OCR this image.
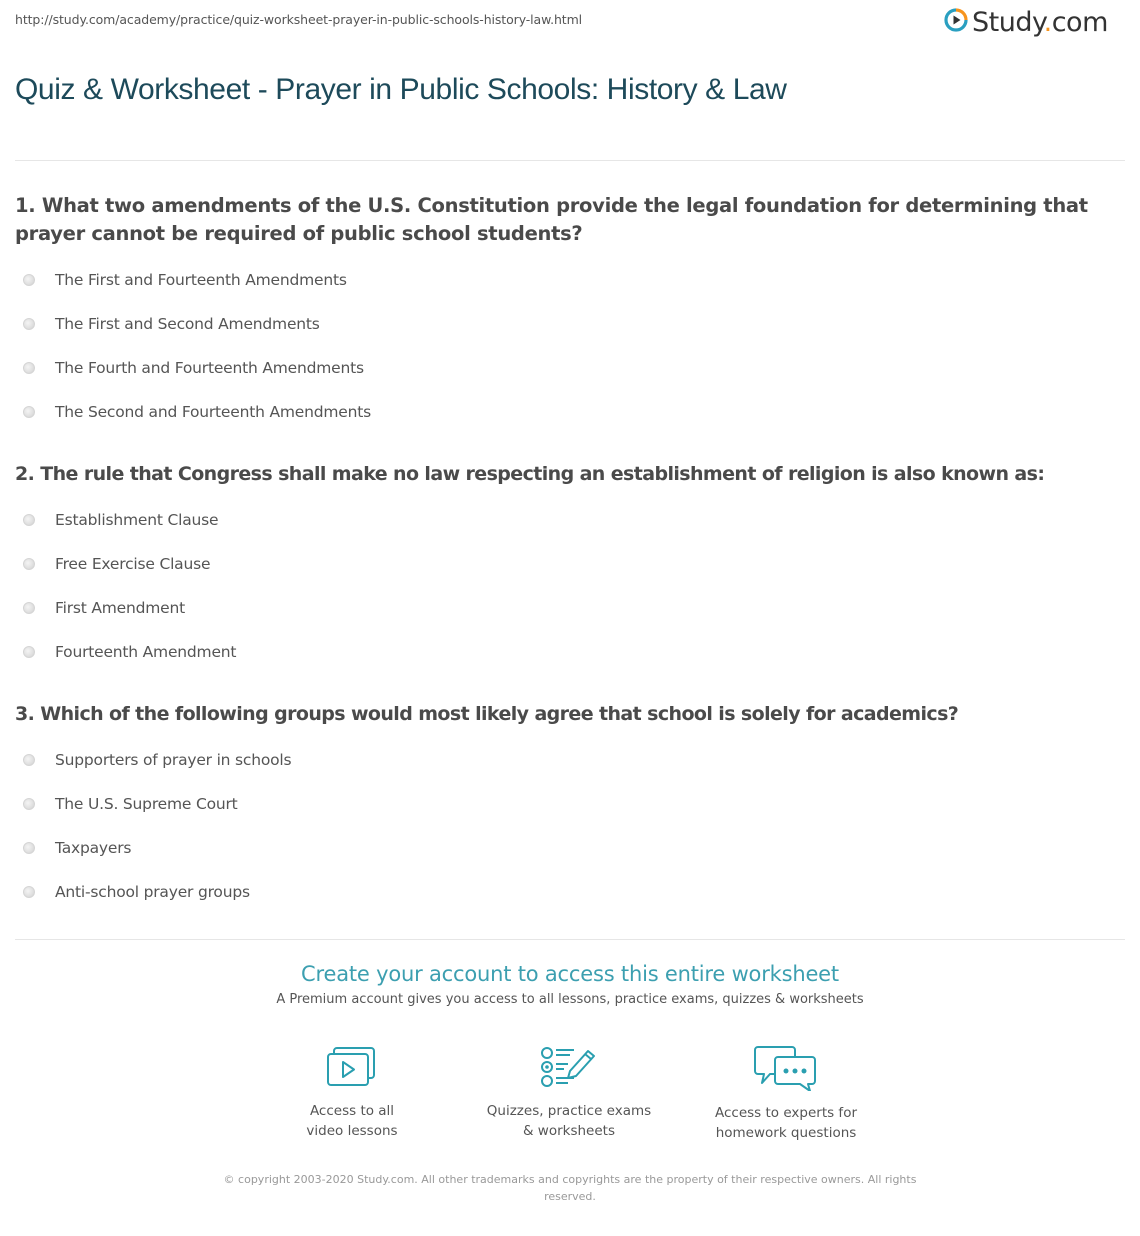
http://study.com/academy/practice/quiz-worksheet-prayer-in-public-schools-history-law.html	Study.com
Quiz & Worksheet - Prayer in Public Schools: History & Law

1. What two amendments of the U.S. Constitution provide the legal foundation for determining that prayer cannot be required of public school students?

The First and Fourteenth Amendments
The First and Second Amendments
The Fourth and Fourteenth Amendments
The Second and Fourteenth Amendments

2. The rule that Congress shall make no law respecting an establishment of religion is also known as:

Establishment Clause
Free Exercise Clause
First Amendment
Fourteenth Amendment

3. Which of the following groups would most likely agree that school is solely for academics?

Supporters of prayer in schools
The U.S. Supreme Court
Taxpayers
Anti-school prayer groups
Create your account to access this entire worksheet
A Premium account gives you access to all lessons, practice exams, quizzes & worksheets
Access to all
video lessons
Quizzes, practice exams
& worksheets
Access to experts for
homework questions
© copyright 2003-2020 Study.com. All other trademarks and copyrights are the property of their respective owners. All rights reserved.
